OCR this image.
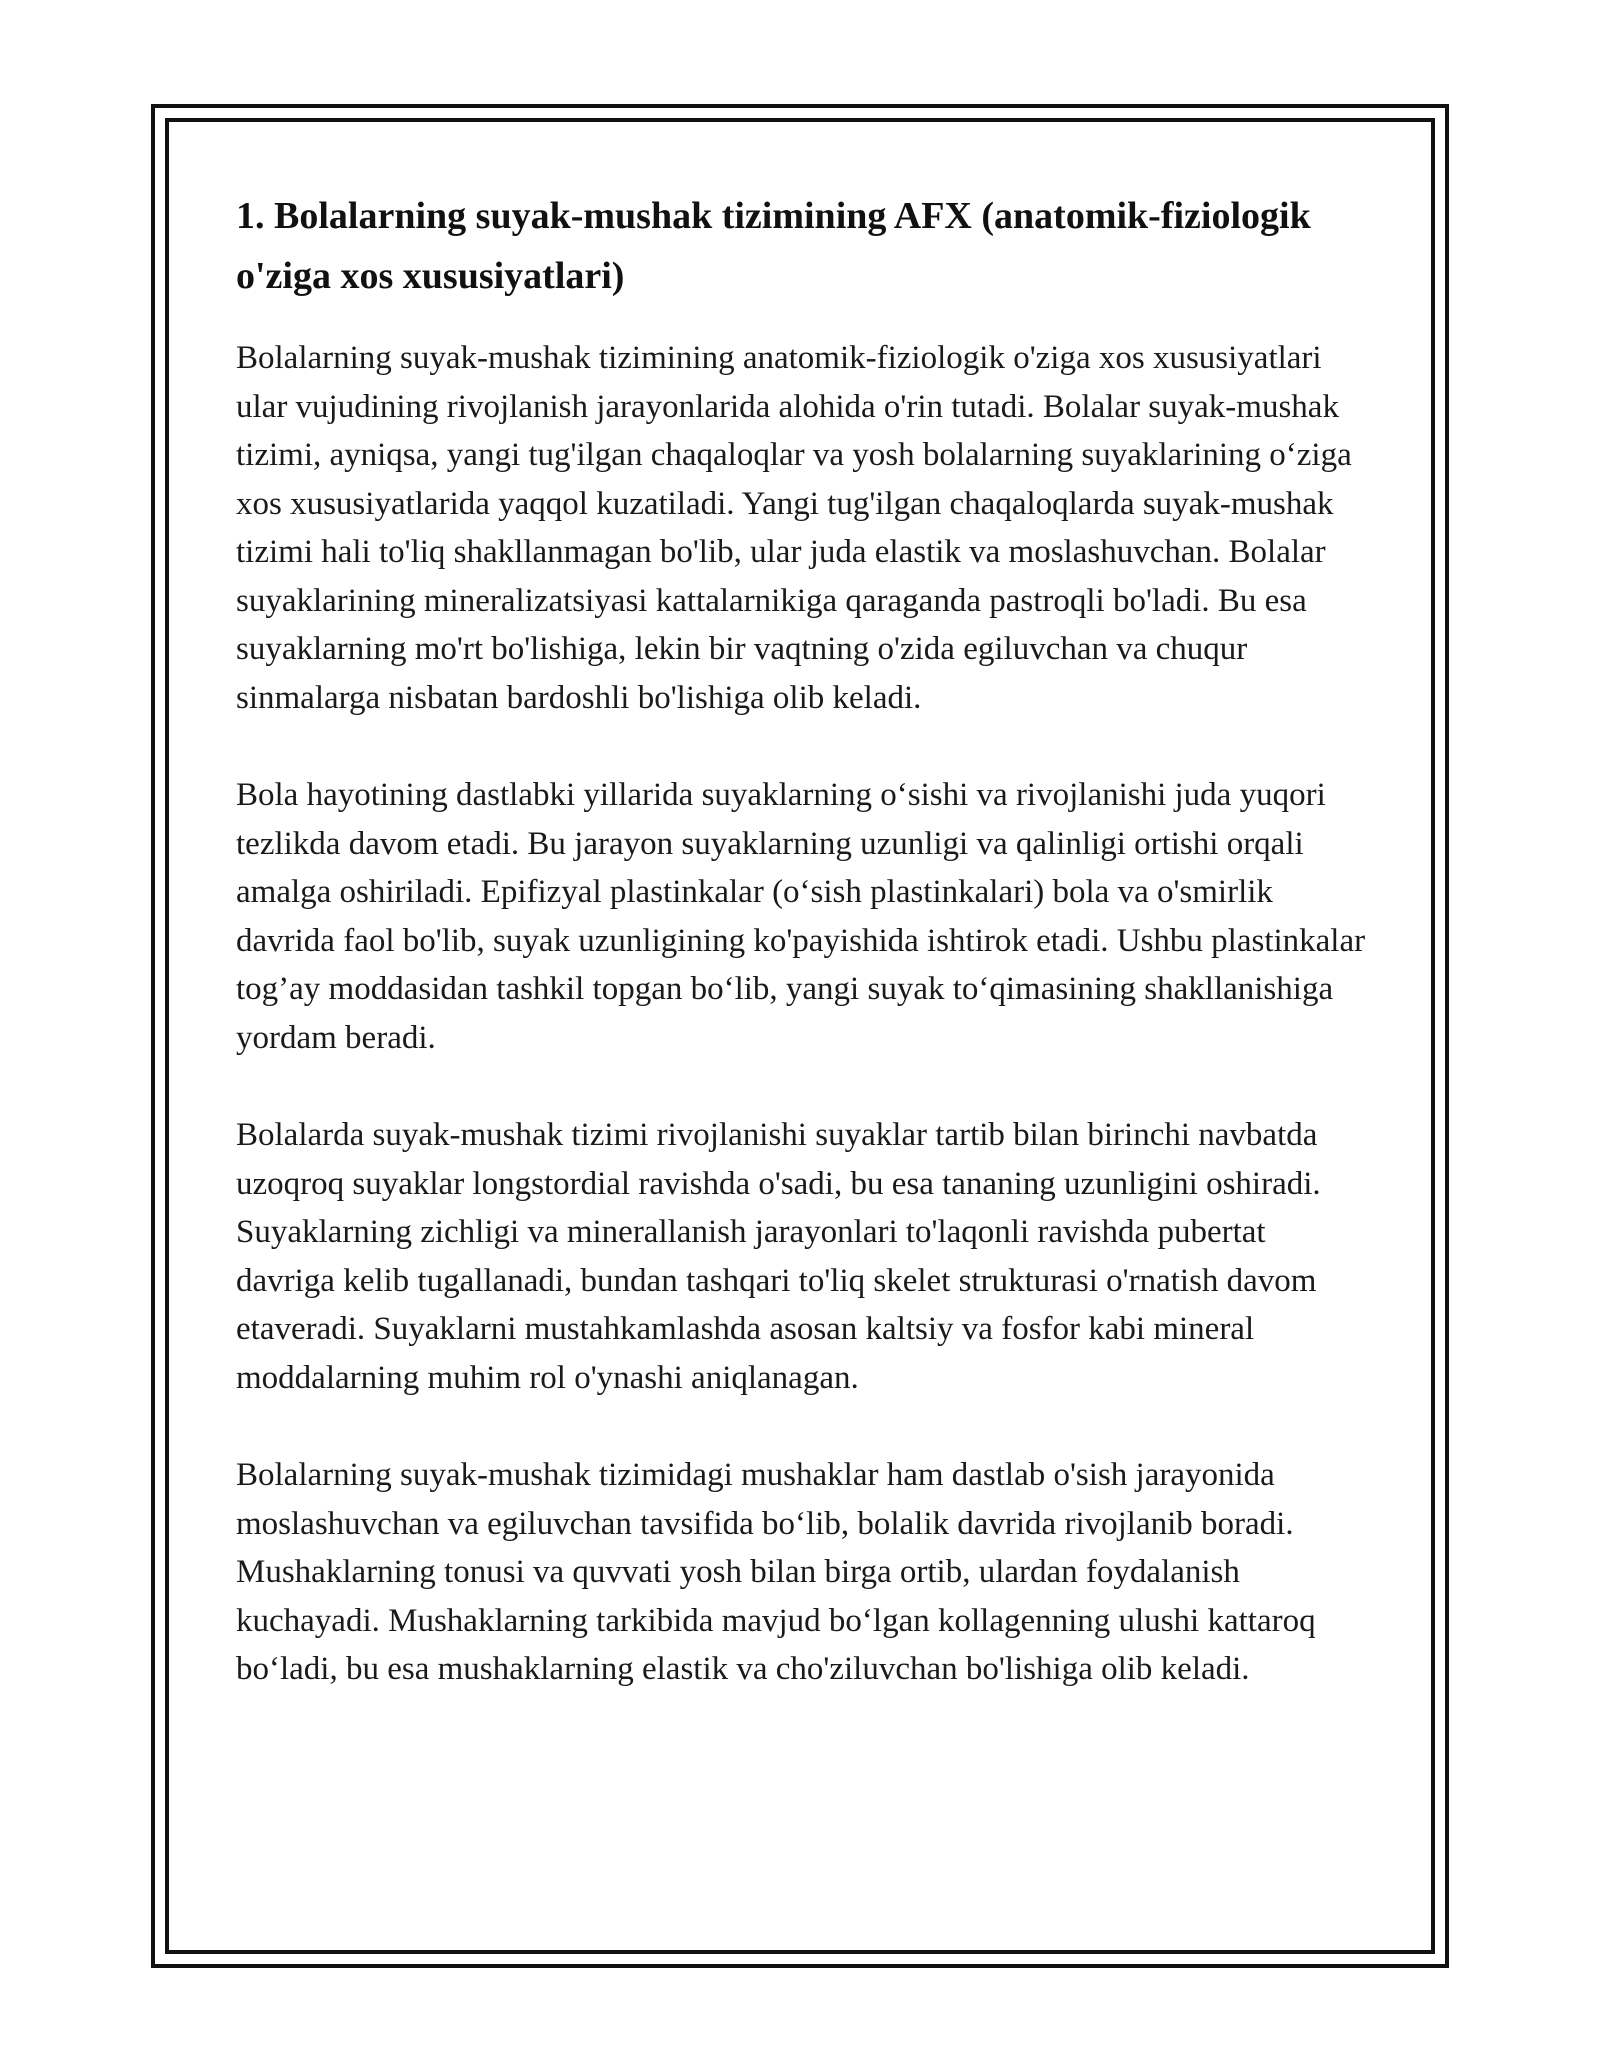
1. Bolalarning suyak-mushak tizimining AFX (anatomik-fiziologik o'ziga xos xususiyatlari)

Bolalarning suyak-mushak tizimining anatomik-fiziologik o'ziga xos xususiyatlari ular vujudining rivojlanish jarayonlarida alohida o'rin tutadi. Bolalar suyak-mushak tizimi, ayniqsa, yangi tug'ilgan chaqaloqlar va yosh bolalarning suyaklarining o‘ziga xos xususiyatlarida yaqqol kuzatiladi. Yangi tug'ilgan chaqaloqlarda suyak-mushak tizimi hali to'liq shakllanmagan bo'lib, ular juda elastik va moslashuvchan. Bolalar suyaklarining mineralizatsiyasi kattalarnikiga qaraganda pastroqli bo'ladi. Bu esa suyaklarning mo'rt bo'lishiga, lekin bir vaqtning o'zida egiluvchan va chuqur sinmalarga nisbatan bardoshli bo'lishiga olib keladi.

Bola hayotining dastlabki yillarida suyaklarning o‘sishi va rivojlanishi juda yuqori tezlikda davom etadi. Bu jarayon suyaklarning uzunligi va qalinligi ortishi orqali amalga oshiriladi. Epifizyal plastinkalar (o‘sish plastinkalari) bola va o'smirlik davrida faol bo'lib, suyak uzunligining ko'payishida ishtirok etadi. Ushbu plastinkalar tog’ay moddasidan tashkil topgan bo‘lib, yangi suyak to‘qimasining shakllanishiga yordam beradi.

Bolalarda suyak-mushak tizimi rivojlanishi suyaklar tartib bilan birinchi navbatda uzoqroq suyaklar longstordial ravishda o'sadi, bu esa tananing uzunligini oshiradi. Suyaklarning zichligi va minerallanish jarayonlari to'laqonli ravishda pubertat davriga kelib tugallanadi, bundan tashqari to'liq skelet strukturasi o'rnatish davom etaveradi. Suyaklarni mustahkamlashda asosan kaltsiy va fosfor kabi mineral moddalarning muhim rol o'ynashi aniqlanagan.

Bolalarning suyak-mushak tizimidagi mushaklar ham dastlab o'sish jarayonida moslashuvchan va egiluvchan tavsifida bo‘lib, bolalik davrida rivojlanib boradi. Mushaklarning tonusi va quvvati yosh bilan birga ortib, ulardan foydalanish kuchayadi. Mushaklarning tarkibida mavjud bo‘lgan kollagenning ulushi kattaroq bo‘ladi, bu esa mushaklarning elastik va cho'ziluvchan bo'lishiga olib keladi.
